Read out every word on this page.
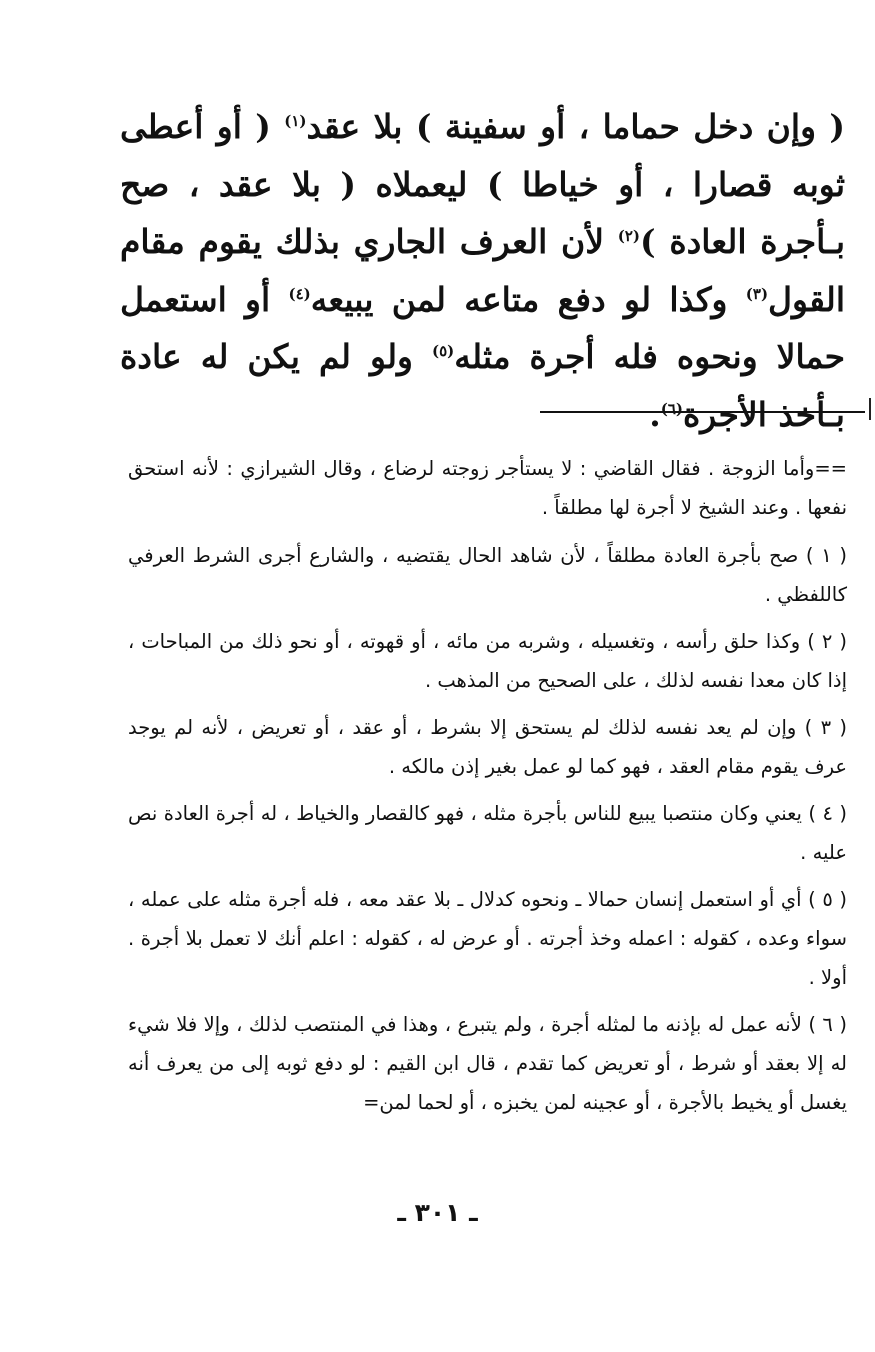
( وإن دخل حماما ، أو سفينة ) بلا عقد$^{(١)}$ ( أو أعطى ثوبه قصارا ، أو خياطا ) ليعملاه ( بلا عقد ، صح بـأجرة العادة )$^{(٢)}$ لأن العرف الجاري بذلك يقوم مقام القول$^{(٣)}$ وكذا لو دفع متاعه لمن يبيعه$^{(٤)}$ أو استعمل حمالا ونحوه فله أجرة مثله$^{(٥)}$ ولو لم يكن له عادة بـأخذ الأجرة$^{(٦)}$.

==وأما الزوجة . فقال القاضي : لا يستأجر زوجته لرضاع ، وقال الشيرازي : لأنه استحق نفعها . وعند الشيخ لا أجرة لها مطلقاً .

( ١ ) صح بأجرة العادة مطلقاً ، لأن شاهد الحال يقتضيه ، والشارع أجرى الشرط العرفي كاللفظي .

( ٢ ) وكذا حلق رأسه ، وتغسيله ، وشربه من مائه ، أو قهوته ، أو نحو ذلك من المباحات ، إذا كان معدا نفسه لذلك ، على الصحيح من المذهب .

( ٣ ) وإن لم يعد نفسه لذلك لم يستحق إلا بشرط ، أو عقد ، أو تعريض ، لأنه لم يوجد عرف يقوم مقام العقد ، فهو كما لو عمل بغير إذن مالكه .

( ٤ ) يعني وكان منتصبا يبيع للناس بأجرة مثله ، فهو كالقصار والخياط ، له أجرة العادة نص عليه .

( ٥ ) أي أو استعمل إنسان حمالا ـ ونحوه كدلال ـ بلا عقد معه ، فله أجرة مثله على عمله ، سواء وعده ، كقوله : اعمله وخذ أجرته . أو عرض له ، كقوله : اعلم أنك لا تعمل بلا أجرة . أولا .

( ٦ ) لأنه عمل له بإذنه ما لمثله أجرة ، ولم يتبرع ، وهذا في المنتصب لذلك ، وإلا فلا شيء له إلا بعقد أو شرط ، أو تعريض كما تقدم ، قال ابن القيم : لو دفع ثوبه إلى من يعرف أنه يغسل أو يخيط بالأجرة ، أو عجينه لمن يخبزه ، أو لحما لمن=

ـ ٣٠١ ـ
